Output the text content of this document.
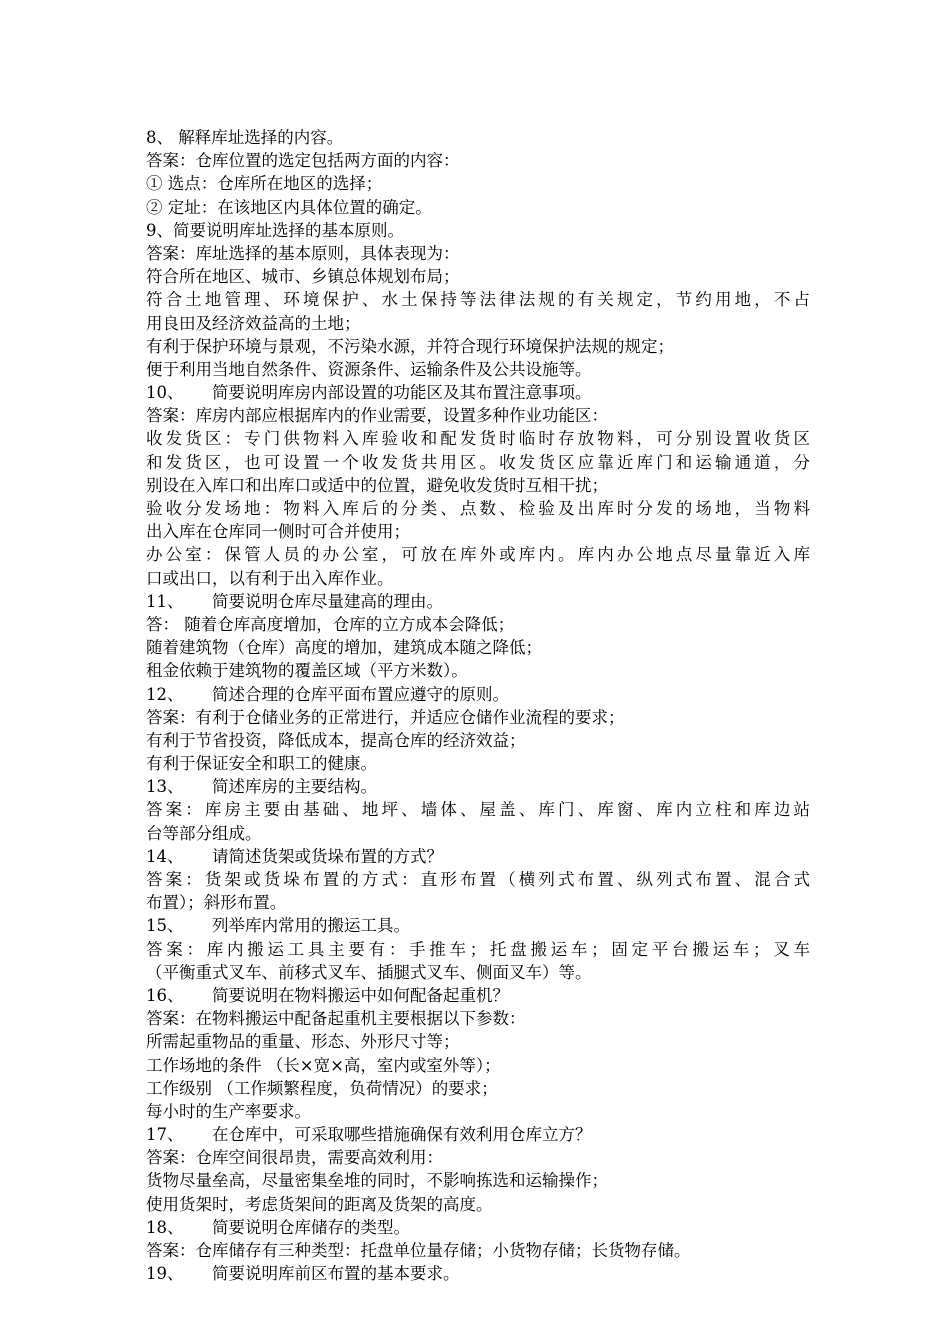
8、 解释库址选择的内容。
答案：仓库位置的选定包括两方面的内容：
① 选点：仓库所在地区的选择；
② 定址：在该地区内具体位置的确定。
9、简要说明库址选择的基本原则。
答案：库址选择的基本原则，具体表现为：
符合所在地区、城市、乡镇总体规划布局；
符合土地管理、环境保护、水土保持等法律法规的有关规定，节约用地，不占
用良田及经济效益高的土地；
有利于保护环境与景观，不污染水源，并符合现行环境保护法规的规定；
便于利用当地自然条件、资源条件、运输条件及公共设施等。
10、 简要说明库房内部设置的功能区及其布置注意事项。
答案：库房内部应根据库内的作业需要，设置多种作业功能区：
收发货区：专门供物料入库验收和配发货时临时存放物料，可分别设置收货区
和发货区，也可设置一个收发货共用区。收发货区应靠近库门和运输通道，分
别设在入库口和出库口或适中的位置，避免收发货时互相干扰；
验收分发场地：物料入库后的分类、点数、检验及出库时分发的场地，当物料
出入库在仓库同一侧时可合并使用；
办公室：保管人员的办公室，可放在库外或库内。库内办公地点尽量靠近入库
口或出口，以有利于出入库作业。
11、 简要说明仓库尽量建高的理由。
答： 随着仓库高度增加，仓库的立方成本会降低；
随着建筑物（仓库）高度的增加，建筑成本随之降低；
租金依赖于建筑物的覆盖区域（平方米数）。
12、 简述合理的仓库平面布置应遵守的原则。
答案：有利于仓储业务的正常进行，并适应仓储作业流程的要求；
有利于节省投资，降低成本，提高仓库的经济效益；
有利于保证安全和职工的健康。
13、 简述库房的主要结构。
答案：库房主要由基础、地坪、墙体、屋盖、库门、库窗、库内立柱和库边站
台等部分组成。
14、 请简述货架或货垛布置的方式？
答案：货架或货垛布置的方式：直形布置（横列式布置、纵列式布置、混合式
布置）；斜形布置。
15、 列举库内常用的搬运工具。
答案：库内搬运工具主要有：手推车；托盘搬运车；固定平台搬运车；叉车
（平衡重式叉车、前移式叉车、插腿式叉车、侧面叉车）等。
16、 简要说明在物料搬运中如何配备起重机？
答案：在物料搬运中配备起重机主要根据以下参数：
所需起重物品的重量、形态、外形尺寸等；
工作场地的条件 （长×宽×高，室内或室外等）；
工作级别 （工作频繁程度，负荷情况）的要求；
每小时的生产率要求。
17、 在仓库中，可采取哪些措施确保有效利用仓库立方？
答案：仓库空间很昂贵，需要高效利用：
货物尽量垒高，尽量密集垒堆的同时，不影响拣选和运输操作；
使用货架时，考虑货架间的距离及货架的高度。
18、 简要说明仓库储存的类型。
答案：仓库储存有三种类型：托盘单位量存储；小货物存储；长货物存储。
19、 简要说明库前区布置的基本要求。
